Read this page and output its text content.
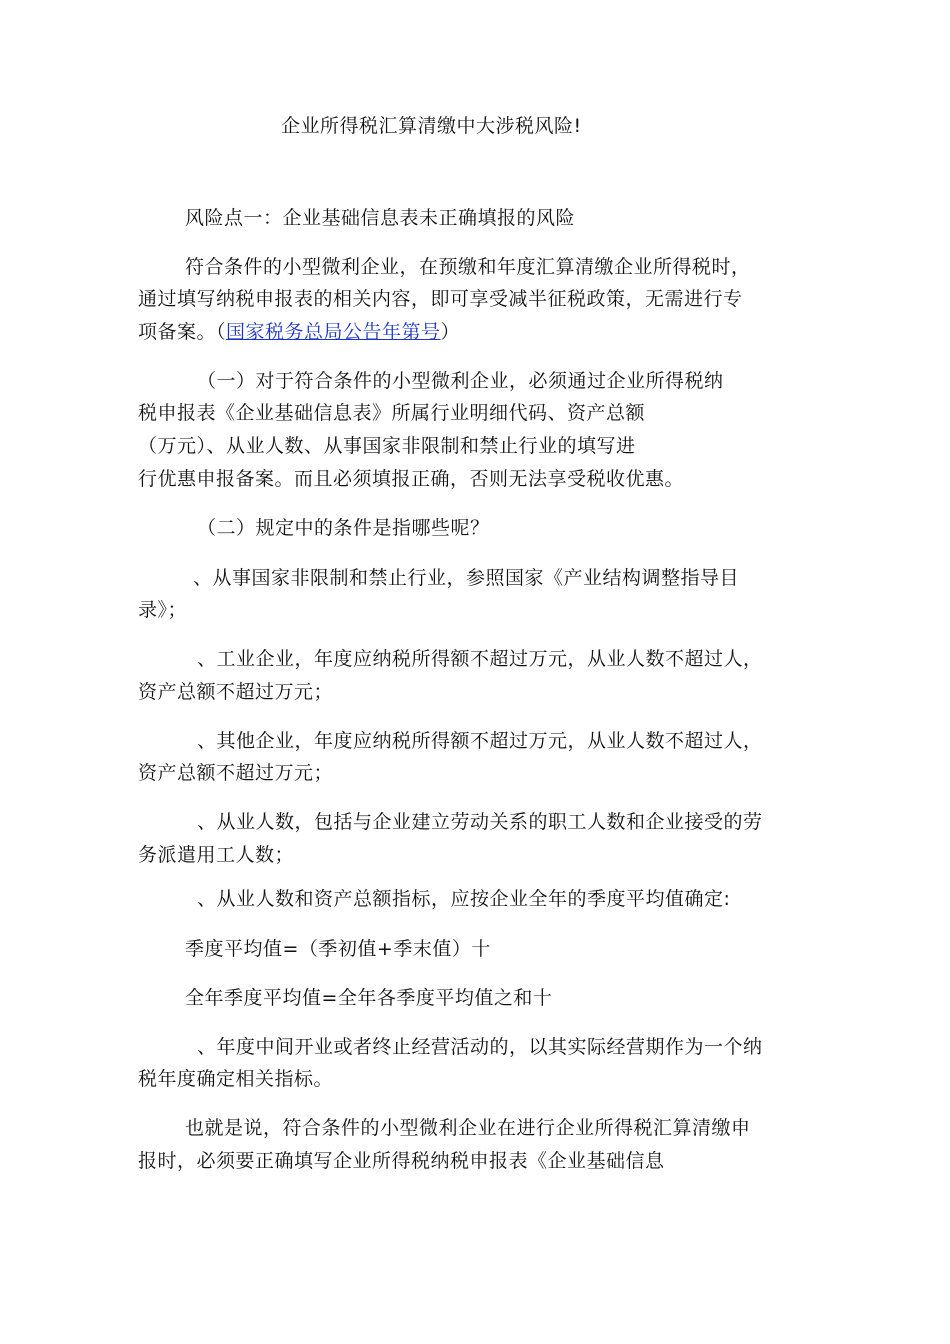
企业所得税汇算清缴中大涉税风险!
风险点一：企业基础信息表未正确填报的风险
符合条件的小型微利企业，在预缴和年度汇算清缴企业所得税时，
通过填写纳税申报表的相关内容，即可享受减半征税政策，无需进行专
项备案。（国家税务总局公告年第号）
（一）对于符合条件的小型微利企业，必须通过企业所得税纳
税申报表《企业基础信息表》所属行业明细代码、资产总额
（万元）、从业人数、从事国家非限制和禁止行业的填写进
行优惠申报备案。而且必须填报正确，否则无法享受税收优惠。
（二）规定中的条件是指哪些呢？
、从事国家非限制和禁止行业，参照国家《产业结构调整指导目
录》；
、工业企业，年度应纳税所得额不超过万元，从业人数不超过人，
资产总额不超过万元；
、其他企业，年度应纳税所得额不超过万元，从业人数不超过人，
资产总额不超过万元；
、从业人数，包括与企业建立劳动关系的职工人数和企业接受的劳
务派遣用工人数；
、从业人数和资产总额指标，应按企业全年的季度平均值确定:
季度平均值=（季初值+季末值）十
全年季度平均值=全年各季度平均值之和十
、年度中间开业或者终止经营活动的，以其实际经营期作为一个纳
税年度确定相关指标。
也就是说，符合条件的小型微利企业在进行企业所得税汇算清缴申
报时，必须要正确填写企业所得税纳税申报表《企业基础信息
